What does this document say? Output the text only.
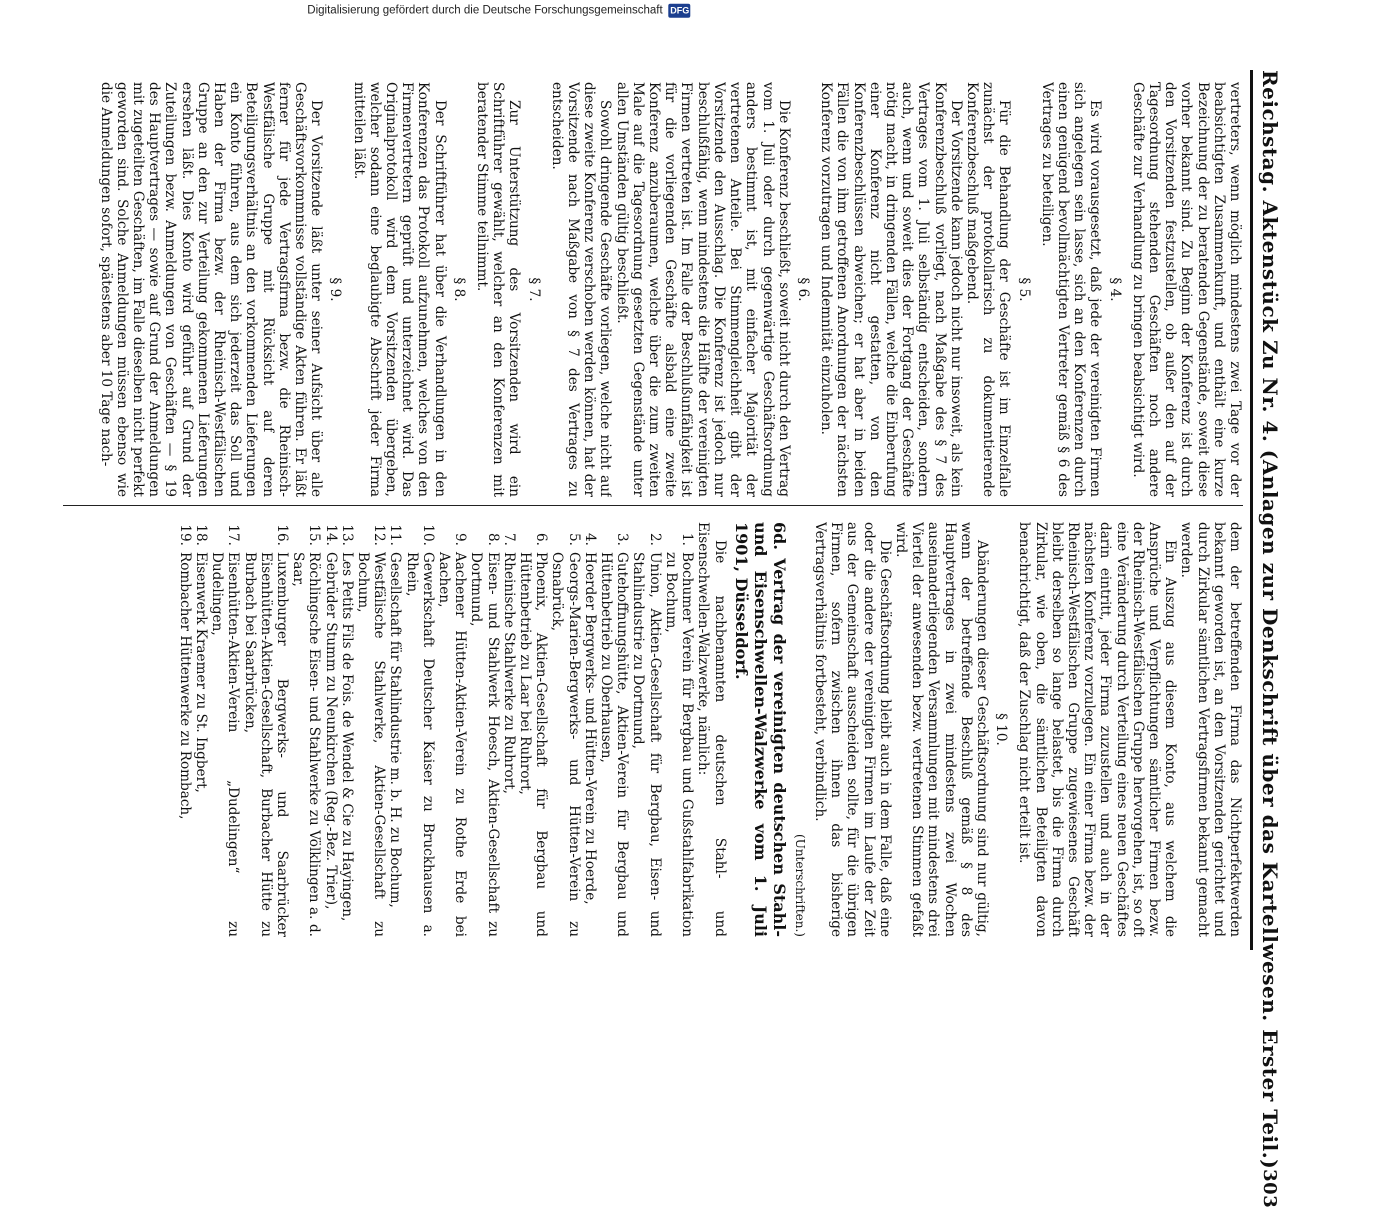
Reichstag. Aktenstück Zu Nr. 4. (Anlagen zur Denkschrift über das Kartellwesen. Erster Teil.)
303

vertreters, wenn möglich mindestens zwei Tage vor der beabsichtigten Zusammenkunft, und enthält eine kurze Bezeichnung der zu beratenden Gegenstände, soweit diese vorher bekannt sind. Zu Beginn der Konferenz ist durch den Vorsitzenden festzustellen, ob außer den auf der Tagesordnung stehenden Geschäften noch andere Geschäfte zur Verhandlung zu bringen beabsichtigt wird.

§ 4.

Es wird vorausgesetzt, daß jede der vereinigten Firmen sich angelegen sein lasse, sich an den Konferenzen durch einen genügend bevollmächtigten Vertreter gemäß § 6 des Vertrages zu beteiligen.

§ 5.

Für die Behandlung der Geschäfte ist im Einzelfalle zunächst der protokollarisch zu dokumentierende Konferenzbeschluß maßgebend.

Der Vorsitzende kann jedoch nicht nur insoweit, als kein Konferenzbeschluß vorliegt, nach Maßgabe des § 7 des Vertrages vom 1. Juli selbständig entscheiden, sondern auch, wenn und soweit dies der Fortgang der Geschäfte nötig macht, in dringenden Fällen, welche die Einberufung einer Konferenz nicht gestatten, von den Konferenzbeschlüssen abweichen; er hat aber in beiden Fällen die von ihm getroffenen Anordnungen der nächsten Konferenz vorzutragen und Indemnität einzuholen.

§ 6.

Die Konferenz beschließt, soweit nicht durch den Vertrag vom 1. Juli oder durch gegenwärtige Geschäftsordnung anders bestimmt ist, mit einfacher Majorität der vertretenen Anteile. Bei Stimmengleichheit gibt der Vorsitzende den Ausschlag. Die Konferenz ist jedoch nur beschlußfähig, wenn mindestens die Hälfte der vereinigten Firmen vertreten ist. Im Falle der Beschlußunfähigkeit ist für die vorliegenden Geschäfte alsbald eine zweite Konferenz anzuberaumen, welche über die zum zweiten Male auf die Tagesordnung gesetzten Gegenstände unter allen Umständen gültig beschließt.

Sowohl dringende Geschäfte vorliegen, welche nicht auf diese zweite Konferenz verschoben werden können, hat der Vorsitzende nach Maßgabe von § 7 des Vertrages zu entscheiden.

§ 7.

Zur Unterstützung des Vorsitzenden wird ein Schriftführer gewählt, welcher an den Konferenzen mit beratender Stimme teilnimmt.

§ 8.

Der Schriftführer hat über die Verhandlungen in den Konferenzen das Protokoll aufzunehmen, welches von den Firmenvertretern geprüft und unterzeichnet wird. Das Originalprotokoll wird dem Vorsitzenden übergeben, welcher sodann eine beglaubigte Abschrift jeder Firma mitteilen läßt.

§ 9.

Der Vorsitzende läßt unter seiner Aufsicht über alle Geschäftsvorkommnisse vollständige Akten führen. Er läßt ferner für jede Vertragsfirma bezw. die Rheinisch-Westfälische Gruppe mit Rücksicht auf deren Beteiligungsverhältnis an den vorkommenden Lieferungen ein Konto führen, aus dem sich jederzeit das Soll und Haben der Firma bezw. der Rheinisch-Westfälischen Gruppe an den zur Verteilung gekommenen Lieferungen ersehen läßt. Dies Konto wird geführt auf Grund der Zuteilungen bezw. Anmeldungen von Geschäften — § 19 des Hauptvertrages — sowie auf Grund der Anmeldungen mit zugeteilten Geschäften, im Falle dieselben nicht perfekt geworden sind. Solche Anmeldungen müssen ebenso wie die Anmeldungen sofort, spätestens aber 10 Tage nach-

dem der betreffenden Firma das Nichtperfektwerden bekannt geworden ist, an den Vorsitzenden gerichtet und durch Zirkular sämtlichen Vertragsfirmen bekannt gemacht werden.

Ein Auszug aus diesem Konto, aus welchem die Ansprüche und Verpflichtungen sämtlicher Firmen bezw. der Rheinisch-Westfälischen Gruppe hervorgehen, ist, so oft eine Veränderung durch Verteilung eines neuen Geschäftes darin eintritt, jeder Firma zuzustellen und auch in der nächsten Konferenz vorzulegen. Ein einer Firma bezw. der Rheinisch-Westfälischen Gruppe zugewiesenes Geschäft bleibt derselben so lange belastet, bis die Firma durch Zirkular, wie oben, die sämtlichen Beteiligten davon benachrichtigt, daß der Zuschlag nicht erteilt ist.

§ 10.

Abänderungen dieser Geschäftsordnung sind nur gültig, wenn der betreffende Beschluß gemäß § 8 des Hauptvertrages in zwei mindestens zwei Wochen auseinanderliegenden Versammlungen mit mindestens drei Viertel der anwesenden bezw. vertretenen Stimmen gefaßt wird.

Die Geschäftsordnung bleibt auch in dem Falle, daß eine oder die andere der vereinigten Firmen im Laufe der Zeit aus der Gemeinschaft ausscheiden sollte, für die übrigen Firmen, sofern zwischen ihnen das bisherige Vertragsverhältnis fortbesteht, verbindlich.

(Unterschriften.)
6d. Vertrag der vereinigten deutschen Stahl- und Eisenschwellen-Walzwerke vom 1. Juli 1901, Düsseldorf.

Die nachbenannten deutschen Stahl- und Eisenschwellen-Walzwerke, nämlich:

1.
Bochumer Verein für Bergbau und Gußstahlfabrikation zu Bochum,
2.
Union, Aktien-Gesellschaft für Bergbau, Eisen- und Stahlindustrie zu Dortmund,
3.
Gutehoffnungshütte, Aktien-Verein für Bergbau und Hüttenbetrieb zu Oberhausen,
4.
Hoerder Bergwerks- und Hütten-Verein zu Hoerde,
5.
Georgs-Marien-Bergwerks- und Hütten-Verein zu Osnabrück,
6.
Phoenix, Aktien-Gesellschaft für Bergbau und Hüttenbetrieb zu Laar bei Ruhrort,
7.
Rheinische Stahlwerke zu Ruhrort,
8.
Eisen- und Stahlwerk Hoesch, Aktien-Gesellschaft zu Dortmund,
9.
Aachener Hütten-Aktien-Verein zu Rothe Erde bei Aachen,
10.
Gewerkschaft Deutscher Kaiser zu Bruckhausen a. Rhein,
11.
Gesellschaft für Stahlindustrie m. b. H. zu Bochum,
12.
Westfälische Stahlwerke, Aktien-Gesellschaft zu Bochum,
13.
Les Petits Fils de Fois. de Wendel & Cie zu Hayingen,
14.
Gebrüder Stumm zu Neunkirchen (Reg.-Bez. Trier),
15.
Röchlingsche Eisen- und Stahlwerke zu Völklingen a. d. Saar,
16.
Luxemburger Bergwerks- und Saarbrücker Eisenhütten-Aktien-Gesellschaft, Burbacher Hütte zu Burbach bei Saarbrücken,
17.
Eisenhütten-Aktien-Verein „Dudelingen“ zu Dudelingen,
18.
Eisenwerk Kraemer zu St. Ingbert,
19.
Rombacher Hüttenwerke zu Rombach,
Digitalisierung gefördert durch die Deutsche Forschungsgemeinschaft DFG
